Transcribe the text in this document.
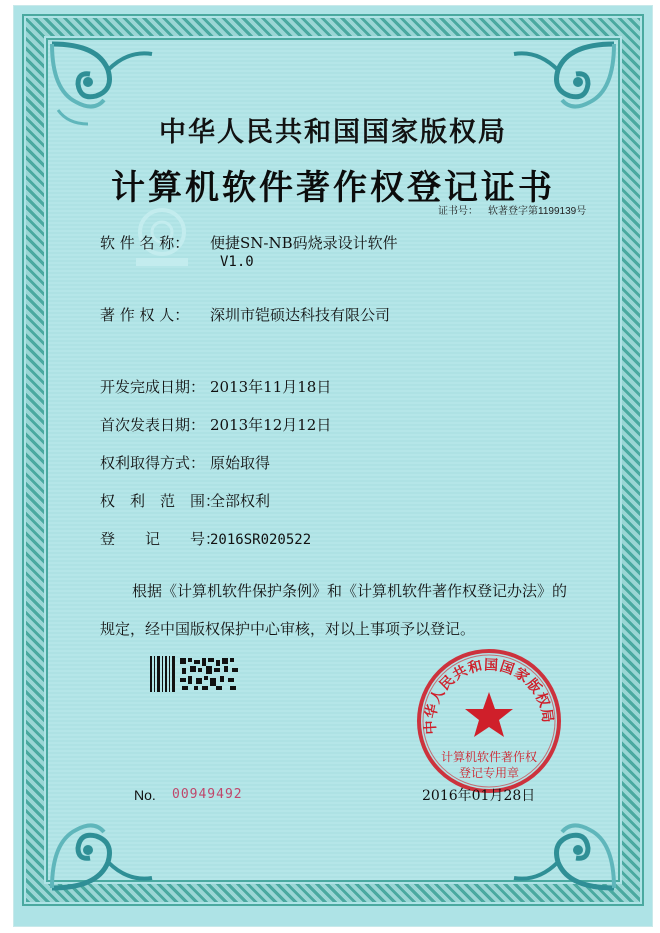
中华人民共和国国家版权局
计算机软件著作权登记证书
证书号： 软著登字第1199139号
软 件 名 称： 便捷SN-NB码烧录设计软件
V1.0
著 作 权 人： 深圳市铠硕达科技有限公司
开发完成日期： 2013年11月18日
首次发表日期： 2013年12月12日
权利取得方式： 原始取得
权　利　范　围：全部权利
登　　记　　号：2016SR020522
根据《计算机软件保护条例》和《计算机软件著作权登记办法》的
规定，经中国版权保护中心审核，对以上事项予以登记。
No. 00949492
中华人民共和国国家版权局
计算机软件著作权
登记专用章
2016年01月28日
